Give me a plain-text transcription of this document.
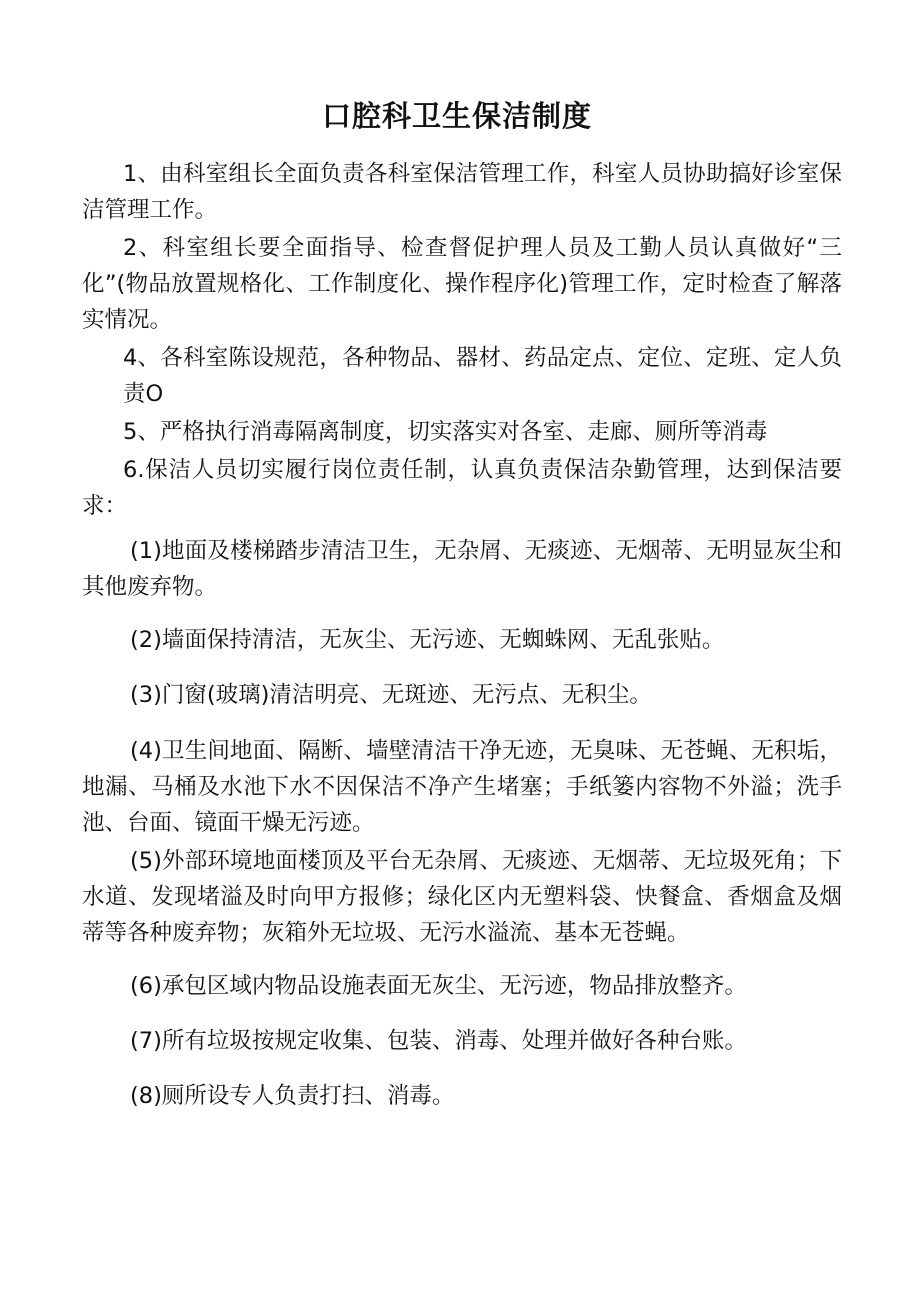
口腔科卫生保洁制度

1、由科室组长全面负责各科室保洁管理工作，科室人员协助搞好诊室保洁管理工作。

2、科室组长要全面指导、检查督促护理人员及工勤人员认真做好“三化”(物品放置规格化、工作制度化、操作程序化)管理工作，定时检查了解落实情况。

4、各科室陈设规范，各种物品、器材、药品定点、定位、定班、定人负责O

5、严格执行消毒隔离制度，切实落实对各室、走廊、厕所等消毒

6.保洁人员切实履行岗位责任制，认真负责保洁杂勤管理，达到保洁要求：

(1)地面及楼梯踏步清洁卫生，无杂屑、无痰迹、无烟蒂、无明显灰尘和其他废弃物。

(2)墙面保持清洁，无灰尘、无污迹、无蜘蛛网、无乱张贴。

(3)门窗(玻璃)清洁明亮、无斑迹、无污点、无积尘。

(4)卫生间地面、隔断、墙壁清洁干净无迹，无臭味、无苍蝇、无积垢，地漏、马桶及水池下水不因保洁不净产生堵塞；手纸篓内容物不外溢；洗手池、台面、镜面干燥无污迹。

(5)外部环境地面楼顶及平台无杂屑、无痰迹、无烟蒂、无垃圾死角；下水道、发现堵溢及时向甲方报修；绿化区内无塑料袋、快餐盒、香烟盒及烟蒂等各种废弃物；灰箱外无垃圾、无污水溢流、基本无苍蝇。

(6)承包区域内物品设施表面无灰尘、无污迹，物品排放整齐。

(7)所有垃圾按规定收集、包装、消毒、处理并做好各种台账。

(8)厕所设专人负责打扫、消毒。
